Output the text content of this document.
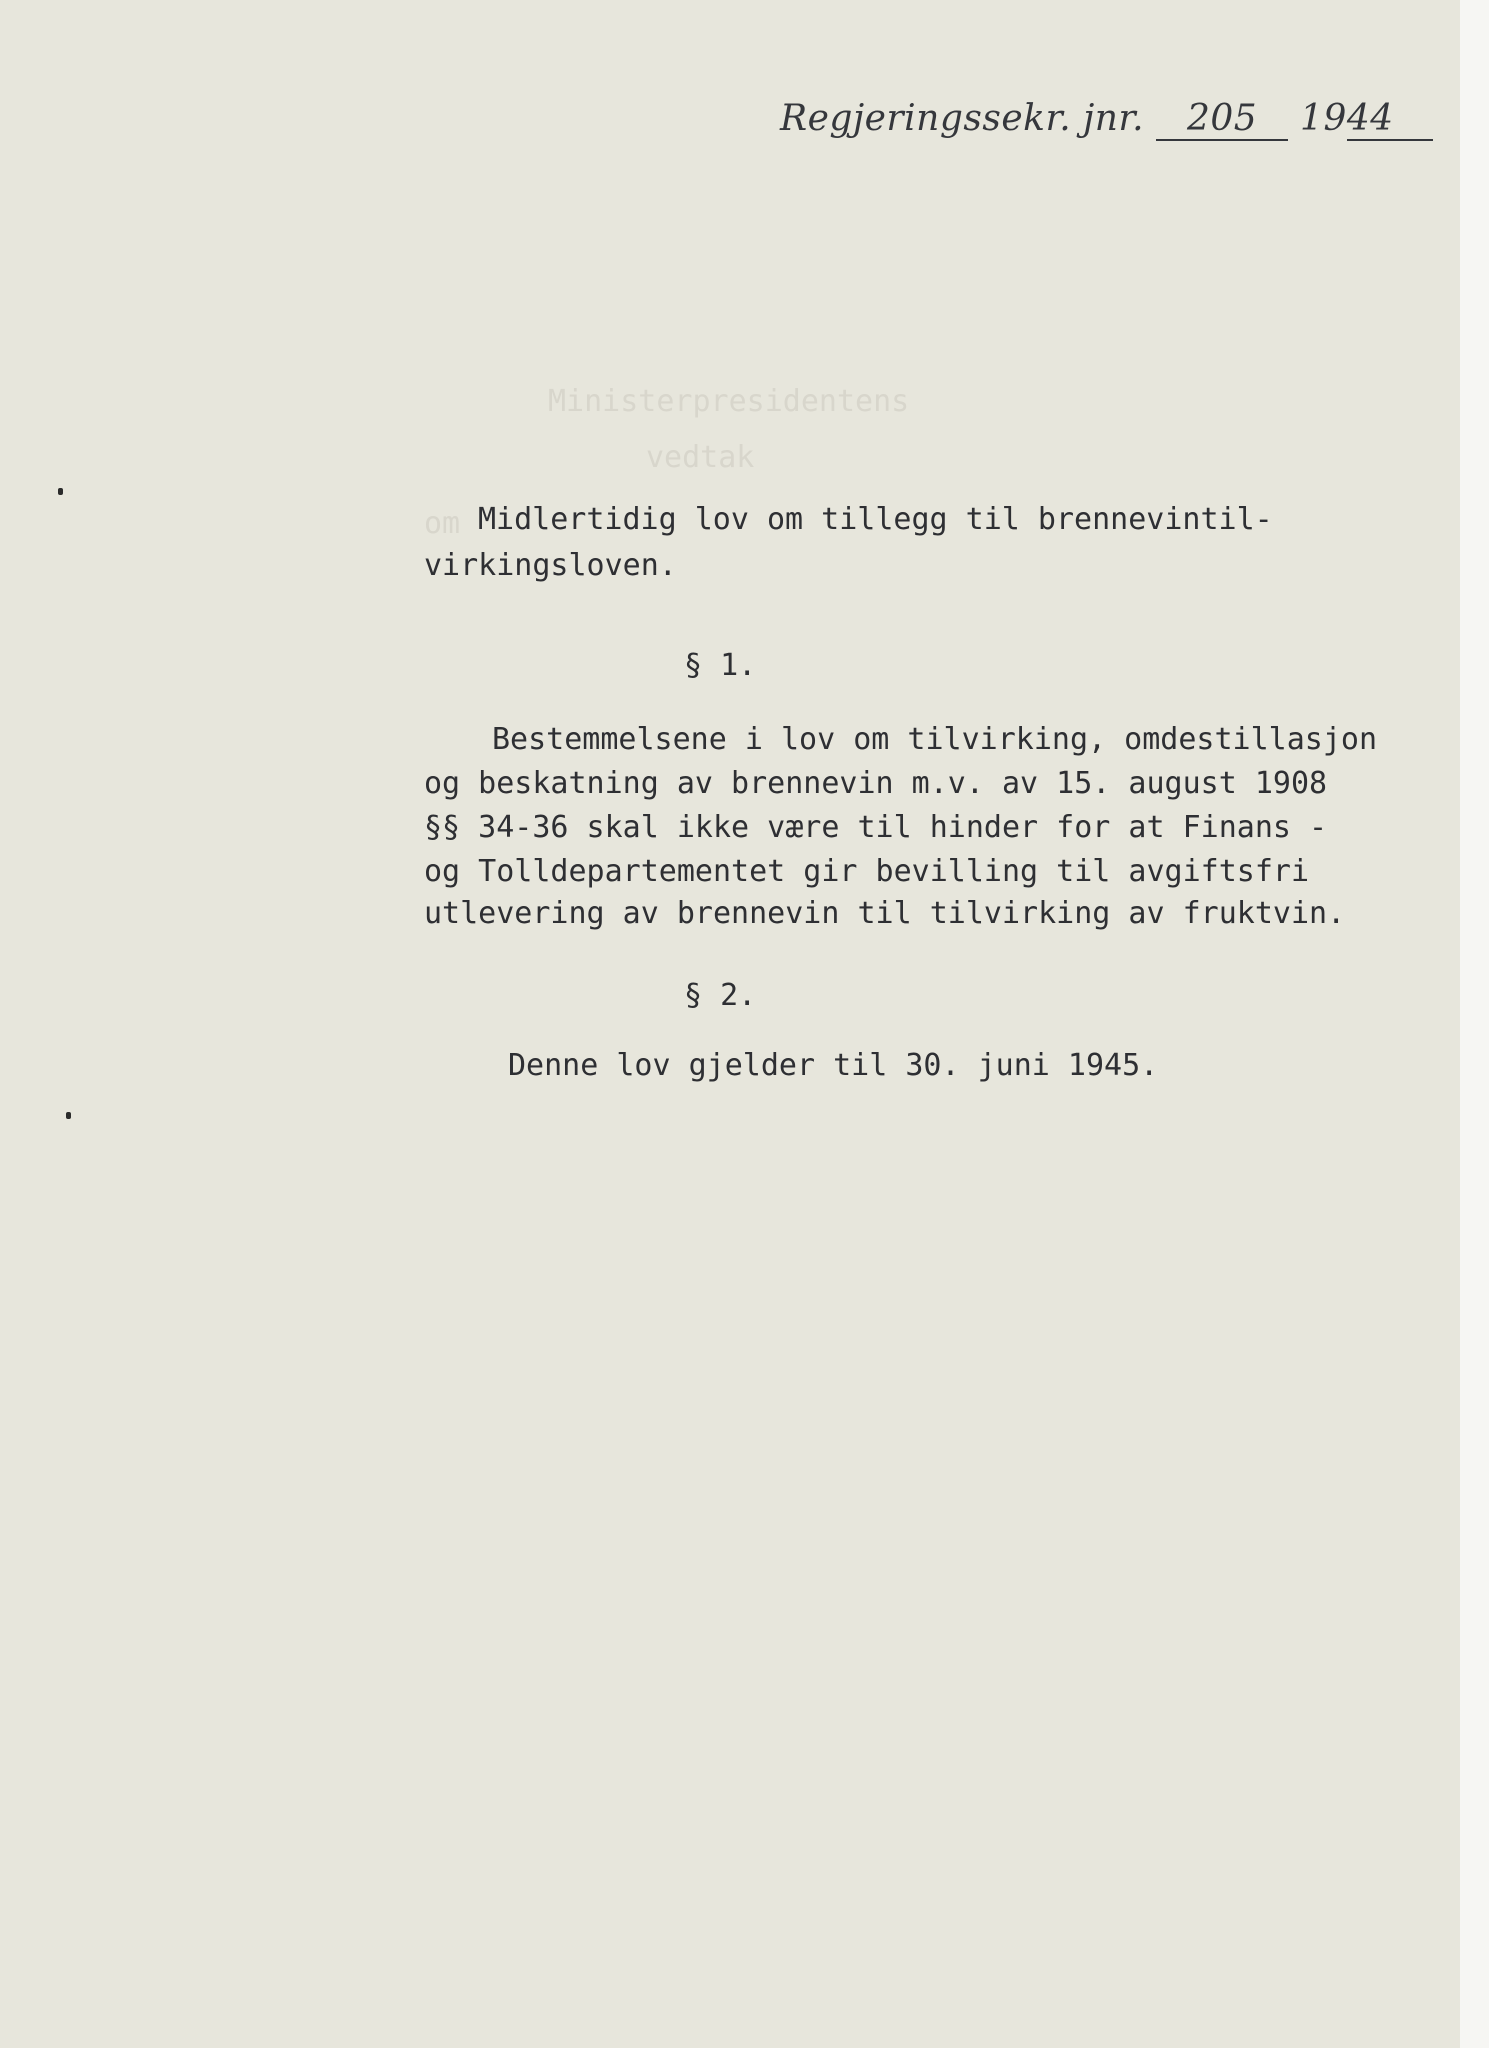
Regjeringssekr. jnr. 205 1944
Ministerpresidentens
vedtak
om Midlertidig lov om tillegg til brennevintil-
virkingsloven.
§ 1.
Bestemmelsene i lov om tilvirking, omdestillasjon
og beskatning av brennevin m.v. av 15. august 1908
§§ 34-36 skal ikke være til hinder for at Finans -
og Tolldepartementet gir bevilling til avgiftsfri
utlevering av brennevin til tilvirking av fruktvin.
§ 2.
Denne lov gjelder til 30. juni 1945.
